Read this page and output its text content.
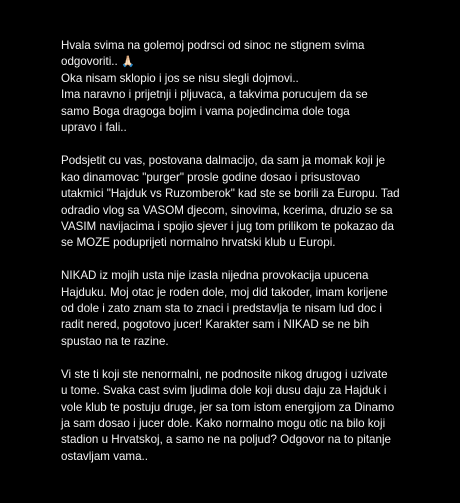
Hvala svima na golemoj podrsci od sinoc ne stignem svima
odgovoriti.. 🙏🏻
Oka nisam sklopio i jos se nisu slegli dojmovi..
Ima naravno i prijetnji i pljuvaca, a takvima porucujem da se
samo Boga dragoga bojim i vama pojedincima dole toga
upravo i fali..

Podsjetit cu vas, postovana dalmacijo, da sam ja momak koji je
kao dinamovac "purger" prosle godine dosao i prisustovao
utakmici "Hajduk vs Ruzomberok" kad ste se borili za Europu. Tad
odradio vlog sa VASOM djecom, sinovima, kcerima, druzio se sa
VASIM navijacima i spojio sjever i jug tom prilikom te pokazao da
se MOZE poduprijeti normalno hrvatski klub u Europi.

NIKAD iz mojih usta nije izasla nijedna provokacija upucena
Hajduku. Moj otac je roden dole, moj did takoder, imam korijene
od dole i zato znam sta to znaci i predstavlja te nisam lud doc i
radit nered, pogotovo jucer! Karakter sam i NIKAD se ne bih
spustao na te razine.

Vi ste ti koji ste nenormalni, ne podnosite nikog drugog i uzivate
u tome. Svaka cast svim ljudima dole koji dusu daju za Hajduk i
vole klub te postuju druge, jer sa tom istom energijom za Dinamo
ja sam dosao i jucer dole. Kako normalno mogu otic na bilo koji
stadion u Hrvatskoj, a samo ne na poljud? Odgovor na to pitanje
ostavljam vama..
